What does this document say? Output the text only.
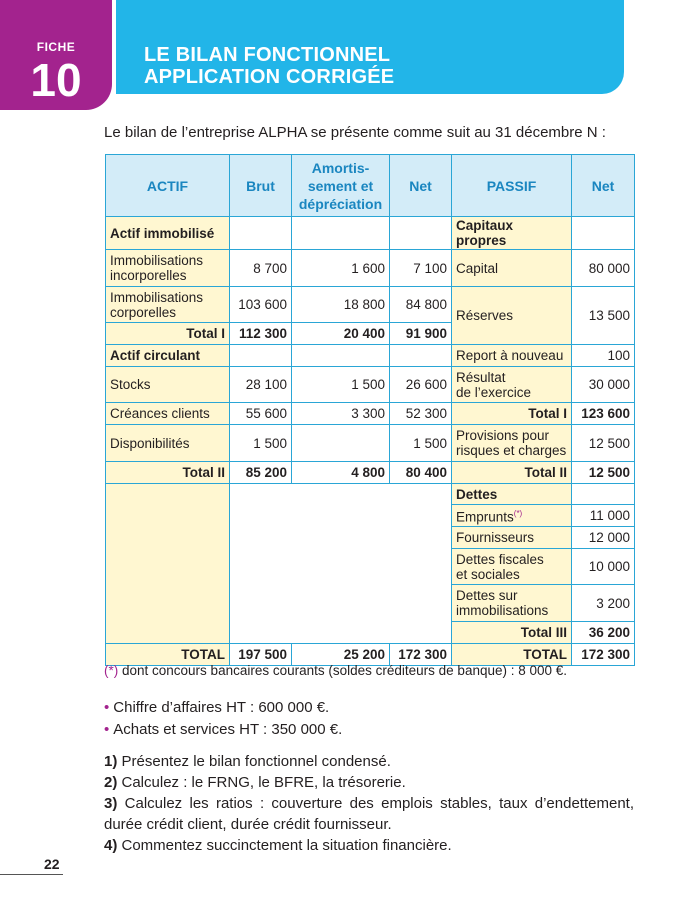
FICHE
10	LE BILAN FONCTIONNEL
APPLICATION CORRIGÉE
Le bilan de l’entreprise ALPHA se présente comme suit au 31 décembre N :
ACTIF	Brut	Amortis-
sement et
dépréciation	Net	PASSIF	Net
Actif immobilisé				Capitaux propres	
Immobilisations
incorporelles	8 700	1 600	7 100	Capital	80 000
Immobilisations
corporelles	103 600	18 800	84 800	Réserves	13 500
Total I	112 300	20 400	91 900		
Actif circulant				Report à nouveau	100
Stocks	28 100	1 500	26 600	Résultat
de l’exercice	30 000
Créances clients	55 600	3 300	52 300	Total I	123 600
Disponibilités	1 500		1 500	Provisions pour
risques et charges	12 500
Total II	85 200	4 800	80 400	Total II	12 500
				Dettes	
				Emprunts(*)	11 000
				Fournisseurs	12 000
				Dettes fiscales
et sociales	10 000
				Dettes sur
immobilisations	3 200
				Total III	36 200

TOTAL	197 500	25 200	172 300	TOTAL	172 300
(*) dont concours bancaires courants (soldes créditeurs de banque) : 8 000 €.
• Chiffre d’affaires HT : 600 000 €.
• Achats et services HT : 350 000 €.
1) Présentez le bilan fonctionnel condensé.
2) Calculez : le FRNG, le BFRE, la trésorerie.
3) Calculez les ratios : couverture des emplois stables, taux d’endettement, durée crédit client, durée crédit fournisseur.
4) Commentez succinctement la situation financière.
22
